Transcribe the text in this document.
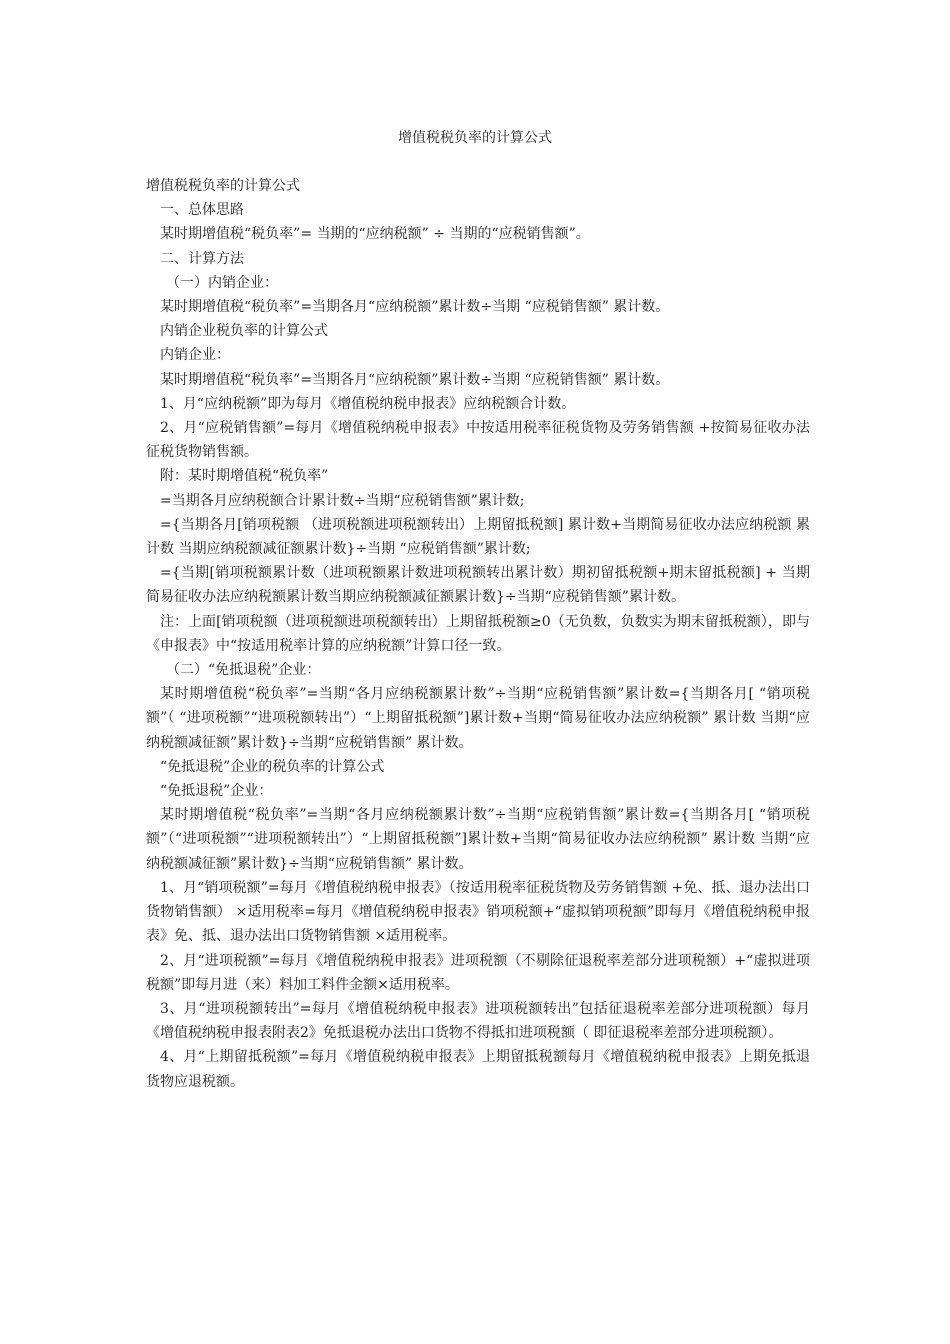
增值税税负率的计算公式

增值税税负率的计算公式

一、总体思路

某时期增值税“税负率”= 当期的“应纳税额” ÷ 当期的“应税销售额”。

二、计算方法

（一）内销企业：

某时期增值税“税负率”=当期各月“应纳税额”累计数÷当期 “应税销售额” 累计数。

内销企业税负率的计算公式

内销企业：

某时期增值税“税负率”=当期各月“应纳税额”累计数÷当期 “应税销售额” 累计数。

1、月“应纳税额”即为每月《增值税纳税申报表》应纳税额合计数。

2、月“应税销售额”=每月《增值税纳税申报表》中按适用税率征税货物及劳务销售额 +按简易征收办法征税货物销售额。

附：某时期增值税“税负率”

=当期各月应纳税额合计累计数÷当期“应税销售额”累计数;

={当期各月[销项税额 （进项税额进项税额转出）上期留抵税额] 累计数+当期简易征收办法应纳税额 累计数 当期应纳税额减征额累计数}÷当期 “应税销售额”累计数;

={当期[销项税额累计数（进项税额累计数进项税额转出累计数）期初留抵税额+期末留抵税额] + 当期简易征收办法应纳税额累计数当期应纳税额减征额累计数}÷当期“应税销售额”累计数。

注：上面[销项税额（进项税额进项税额转出）上期留抵税额≥0（无负数，负数实为期末留抵税额），即与《申报表》中“按适用税率计算的应纳税额”计算口径一致。

（二）“免抵退税”企业：

某时期增值税“税负率”=当期“各月应纳税额累计数”÷当期“应税销售额”累计数={当期各月[ “销项税额”（ “进项税额”“进项税额转出”）“上期留抵税额”]累计数+当期“简易征收办法应纳税额” 累计数 当期“应纳税额减征额”累计数}÷当期“应税销售额” 累计数。

“免抵退税”企业的税负率的计算公式

“免抵退税”企业：

某时期增值税“税负率”=当期“各月应纳税额累计数”÷当期“应税销售额”累计数={当期各月[ “销项税额”（“进项税额”“进项税额转出”）“上期留抵税额”]累计数+当期“简易征收办法应纳税额” 累计数 当期“应纳税额减征额”累计数}÷当期“应税销售额” 累计数。

1、月“销项税额”=每月《增值税纳税申报表》（按适用税率征税货物及劳务销售额 +免、抵、退办法出口货物销售额） ×适用税率=每月《增值税纳税申报表》销项税额+“虚拟销项税额”即每月《增值税纳税申报表》免、抵、退办法出口货物销售额 ×适用税率。

2、月“进项税额”=每月《增值税纳税申报表》进项税额（不剔除征退税率差部分进项税额）+“虚拟进项税额”即每月进（来）料加工料件金额×适用税率。

3、月“进项税额转出”=每月《增值税纳税申报表》进项税额转出”包括征退税率差部分进项税额）每月《增值税纳税申报表附表2》免抵退税办法出口货物不得抵扣进项税额（ 即征退税率差部分进项税额）。

4、月“上期留抵税额”=每月《增值税纳税申报表》上期留抵税额每月《增值税纳税申报表》上期免抵退货物应退税额。
